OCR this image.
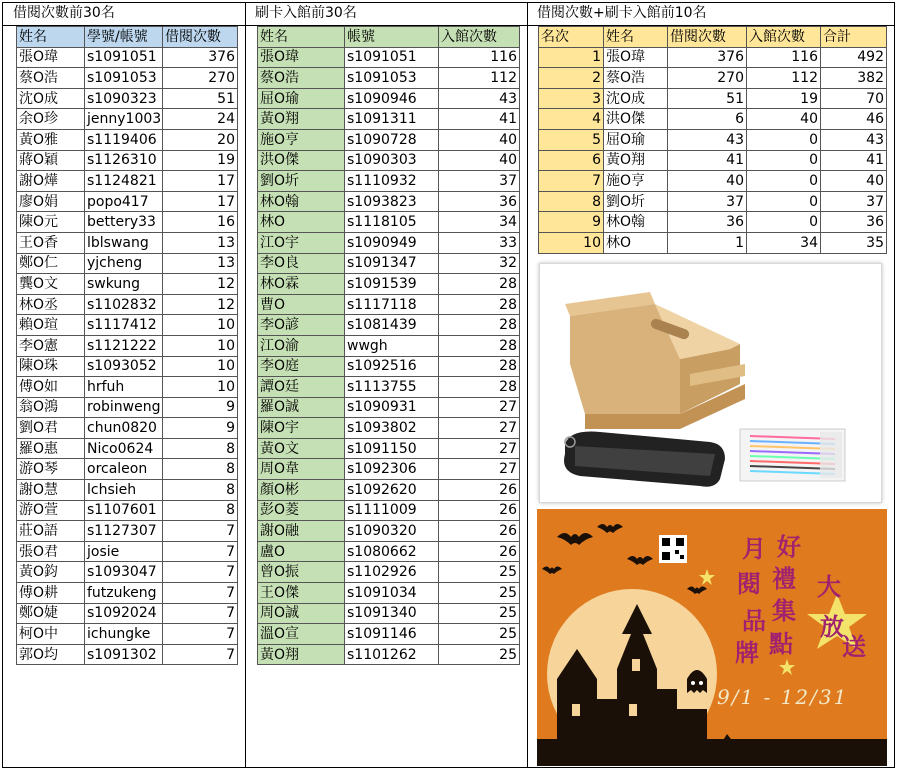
借閱次數前30名	刷卡入館前30名	借閱次數+刷卡入館前10名
姓名	學號/帳號	借閱次數
張O瑋	s1091051	376
蔡O浩	s1091053	270
沈O成	s1090323	51
余O珍	jenny1003	24
黃O雅	s1119406	20
蔣O穎	s1126310	19
謝O燁	s1124821	17
廖O娟	popo417	17
陳O元	bettery33	16
王O香	lblswang	13
鄭O仁	yjcheng	13
龔O文	swkung	12
林O丞	s1102832	12
賴O瑄	s1117412	10
李O憲	s1121222	10
陳O珠	s1093052	10
傅O如	hrfuh	10
翁O鴻	robinweng	9
劉O君	chun0820	9
羅O惠	Nico0624	8
游O琴	orcaleon	8
謝O慧	lchsieh	8
游O萱	s1107601	8
莊O語	s1127307	7
張O君	josie	7
黃O鈞	s1093047	7
傅O耕	futzukeng	7
鄭O婕	s1092024	7
柯O中	ichungke	7
郭O均	s1091302	7
姓名	帳號	入館次數
張O瑋	s1091051	116
蔡O浩	s1091053	112
屈O瑜	s1090946	43
黃O翔	s1091311	41
施O亨	s1090728	40
洪O傑	s1090303	40
劉O圻	s1110932	37
林O翰	s1093823	36
林O	s1118105	34
江O宇	s1090949	33
李O良	s1091347	32
林O霖	s1091539	28
曹O	s1117118	28
李O諺	s1081439	28
江O渝	wwgh	28
李O庭	s1092516	28
譚O廷	s1113755	28
羅O誠	s1090931	27
陳O宇	s1093802	27
黃O文	s1091150	27
周O韋	s1092306	27
顏O彬	s1092620	26
彭O菱	s1111009	26
謝O融	s1090320	26
盧O	s1080662	26
曾O振	s1102926	25
王O傑	s1091034	25
周O誠	s1091340	25
溫O宣	s1091146	25
黃O翔	s1101262	25
名次	姓名	借閱次數	入館次數	合計
1	張O瑋	376	116	492
2	蔡O浩	270	112	382
3	沈O成	51	19	70
4	洪O傑	6	40	46
5	屈O瑜	43	0	43
6	黃O翔	41	0	41
7	施O亨	40	0	40
8	劉O圻	37	0	37
9	林O翰	36	0	36
10	林O	1	34	35
月 好
閱 禮
集
大
品
點
放
牌	送
9/1 - 12/31
